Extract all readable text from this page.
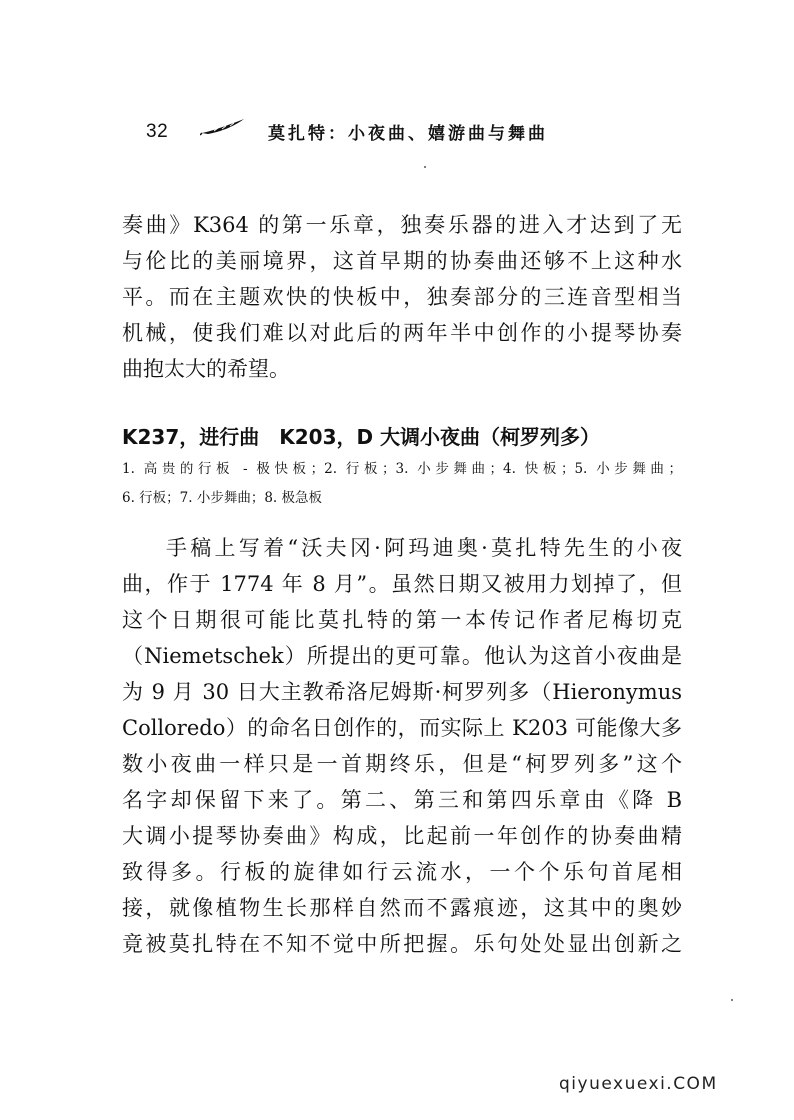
32	莫扎特：小夜曲、嬉游曲与舞曲
奏曲》K364 的第一乐章，独奏乐器的进入才达到了无
与伦比的美丽境界，这首早期的协奏曲还够不上这种水
平。而在主题欢快的快板中，独奏部分的三连音型相当
机械，使我们难以对此后的两年半中创作的小提琴协奏
曲抱太大的希望。
K237，进行曲　K203，D 大调小夜曲（柯罗列多）
1. 高贵的行板 - 极快板；2. 行板；3. 小步舞曲；4. 快板；5. 小步舞曲；
6. 行板；7. 小步舞曲；8. 极急板
手稿上写着“沃夫冈·阿玛迪奥·莫扎特先生的小夜
曲，作于 1774 年 8 月”。虽然日期又被用力划掉了，但
这个日期很可能比莫扎特的第一本传记作者尼梅切克
（Niemetschek）所提出的更可靠。他认为这首小夜曲是
为 9 月 30 日大主教希洛尼姆斯·柯罗列多（Hieronymus
Colloredo）的命名日创作的，而实际上 K203 可能像大多
数小夜曲一样只是一首期终乐，但是“柯罗列多”这个
名字却保留下来了。第二、第三和第四乐章由《降 B
大调小提琴协奏曲》构成，比起前一年创作的协奏曲精
致得多。行板的旋律如行云流水，一个个乐句首尾相
接，就像植物生长那样自然而不露痕迹，这其中的奥妙
竟被莫扎特在不知不觉中所把握。乐句处处显出创新之
qiyuexuexi.COM
